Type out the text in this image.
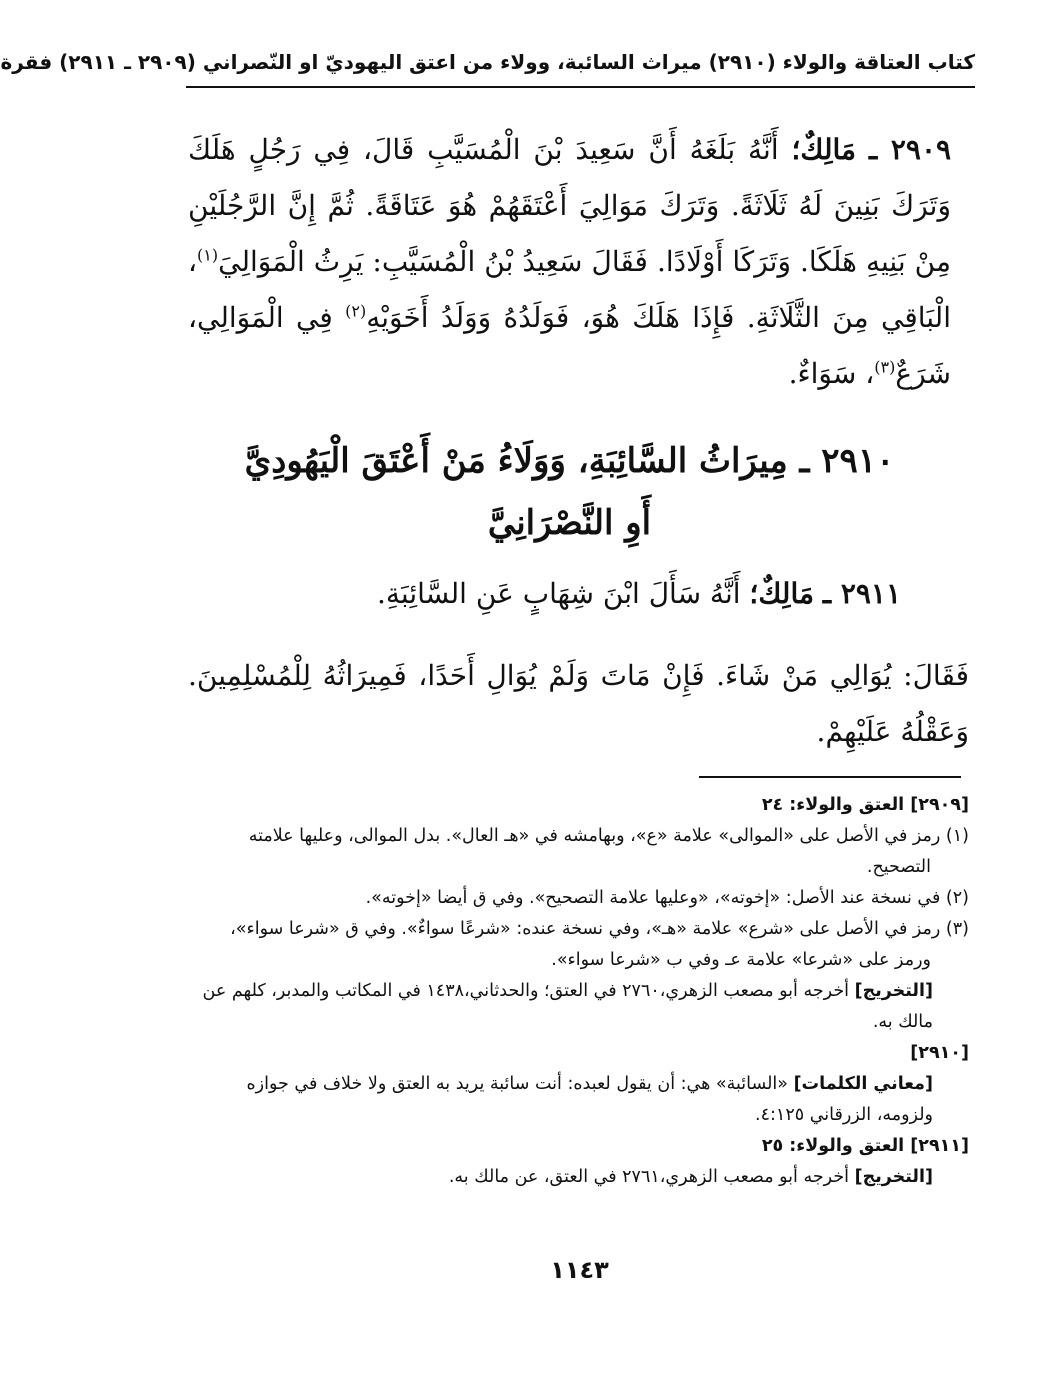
كتاب العتاقة والولاء (٢٩١٠) ميراث السائبة، وولاء من اعتق اليهوديّ او النّصراني (٢٩٠٩ ـ ٢٩١١) فقرة
٢٩٠٩ ـ مَالِكٌ؛ أَنَّهُ بَلَغَهُ أَنَّ سَعِيدَ بْنَ الْمُسَيَّبِ قَالَ، فِي رَجُلٍ هَلَكَ وَتَرَكَ بَنِينَ لَهُ ثَلَاثَةً. وَتَرَكَ مَوَالِيَ أَعْتَقَهُمْ هُوَ عَتَاقَةً. ثُمَّ إِنَّ الرَّجُلَيْنِ مِنْ بَنِيهِ هَلَكَا. وَتَرَكَا أَوْلَادًا. فَقَالَ سَعِيدُ بْنُ الْمُسَيَّبِ: يَرِثُ الْمَوَالِيَ$^{(١)}$، الْبَاقِي مِنَ الثَّلَاثَةِ. فَإِذَا هَلَكَ هُوَ، فَوَلَدُهُ وَوَلَدُ أَخَوَيْهِ$^{(٢)}$ فِي الْمَوَالِي، شَرَعٌ$^{(٣)}$، سَوَاءٌ.
٢٩١٠ ـ مِيرَاثُ السَّائِبَةِ، وَوَلَاءُ مَنْ أَعْتَقَ الْيَهُودِيَّ أَوِ النَّصْرَانِيَّ
٢٩١١ ـ مَالِكٌ؛ أَنَّهُ سَأَلَ ابْنَ شِهَابٍ عَنِ السَّائِبَةِ.
فَقَالَ: يُوَالِي مَنْ شَاءَ. فَإِنْ مَاتَ وَلَمْ يُوَالِ أَحَدًا، فَمِيرَاثُهُ لِلْمُسْلِمِينَ. وَعَقْلُهُ عَلَيْهِمْ.
[٢٩٠٩] العتق والولاء: ٢٤
(١) رمز في الأصل على «الموالى» علامة «ع»، وبهامشه في «هـ العال». بدل الموالى، وعليها علامته التصحيح.
(٢) في نسخة عند الأصل: «إخوته»، «وعليها علامة التصحيح». وفي ق أيضا «إخوته».
(٣) رمز في الأصل على «شرع» علامة «هـ»، وفي نسخة عنده: «شرعًا سواءٌ». وفي ق «شرعا سواء»، ورمز على «شرعا» علامة عـ وفي ب «شرعا سواء».
[التخريج] أخرجه أبو مصعب الزهري،٢٧٦٠ في العتق؛ والحدثاني،١٤٣٨ في المكاتب والمدبر، كلهم عن مالك به.
[٢٩١٠]
[معاني الكلمات] «السائبة» هي: أن يقول لعبده: أنت سائبة يريد به العتق ولا خلاف في جوازه ولزومه، الزرقاني ٤:١٢٥.
[٢٩١١] العتق والولاء: ٢٥
[التخريج] أخرجه أبو مصعب الزهري،٢٧٦١ في العتق، عن مالك به.
١١٤٣
